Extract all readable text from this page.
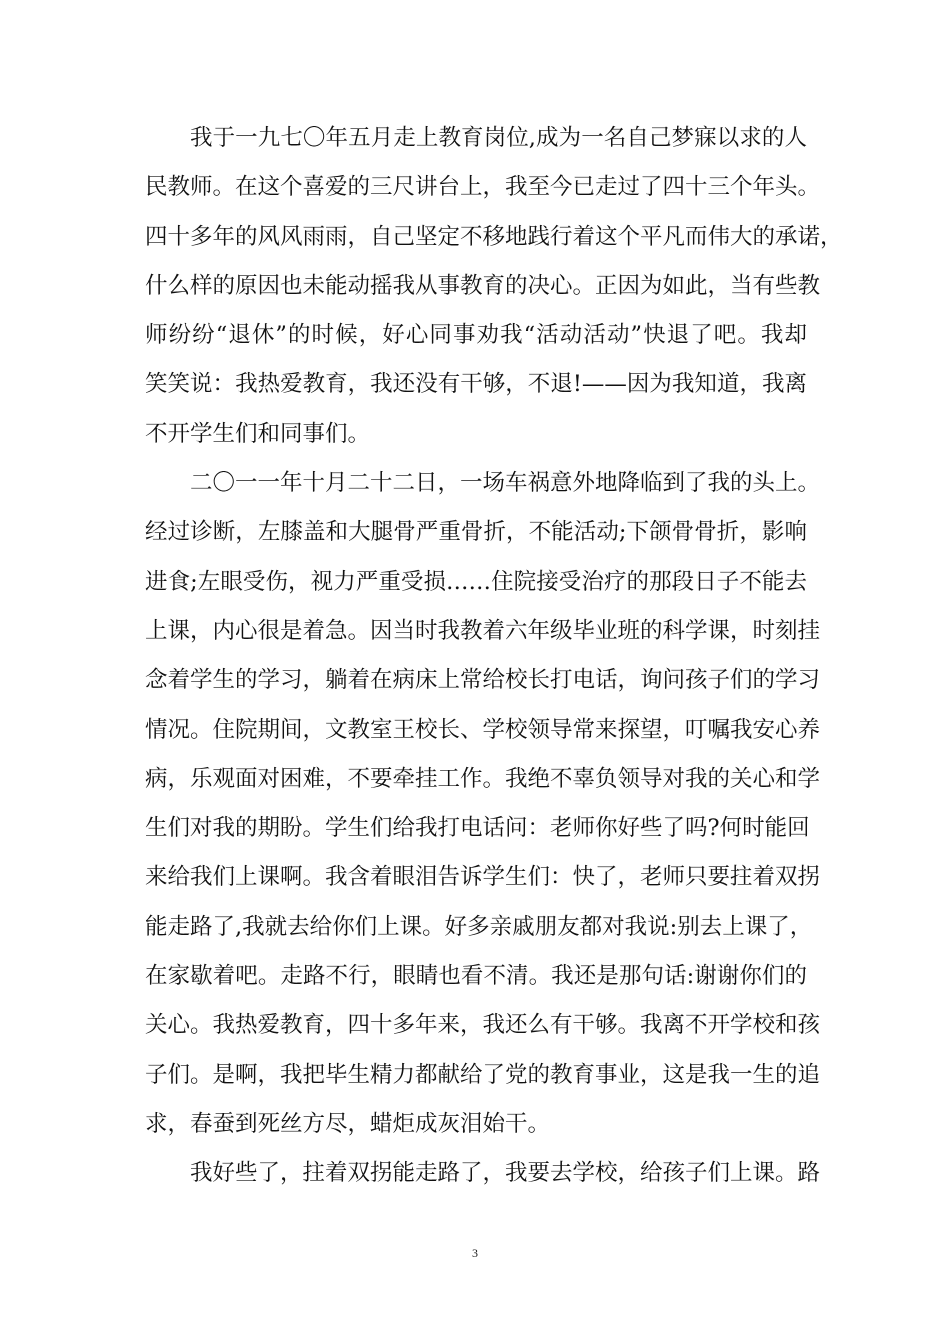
我于一九七〇年五月走上教育岗位,成为一名自己梦寐以求的人
民教师。在这个喜爱的三尺讲台上，我至今已走过了四十三个年头。
四十多年的风风雨雨，自己坚定不移地践行着这个平凡而伟大的承诺，
什么样的原因也未能动摇我从事教育的决心。正因为如此，当有些教
师纷纷“退休”的时候，好心同事劝我“活动活动”快退了吧。我却
笑笑说：我热爱教育，我还没有干够，不退!——因为我知道，我离
不开学生们和同事们。
二〇一一年十月二十二日，一场车祸意外地降临到了我的头上。
经过诊断，左膝盖和大腿骨严重骨折，不能活动;下颌骨骨折，影响
进食;左眼受伤，视力严重受损……住院接受治疗的那段日子不能去
上课，内心很是着急。因当时我教着六年级毕业班的科学课，时刻挂
念着学生的学习，躺着在病床上常给校长打电话，询问孩子们的学习
情况。住院期间，文教室王校长、学校领导常来探望，叮嘱我安心养
病，乐观面对困难，不要牵挂工作。我绝不辜负领导对我的关心和学
生们对我的期盼。学生们给我打电话问：老师你好些了吗?何时能回
来给我们上课啊。我含着眼泪告诉学生们：快了，老师只要拄着双拐
能走路了,我就去给你们上课。好多亲戚朋友都对我说:别去上课了，
在家歇着吧。走路不行，眼睛也看不清。我还是那句话:谢谢你们的
关心。我热爱教育，四十多年来，我还么有干够。我离不开学校和孩
子们。是啊，我把毕生精力都献给了党的教育事业，这是我一生的追
求，春蚕到死丝方尽，蜡炬成灰泪始干。
我好些了，拄着双拐能走路了，我要去学校，给孩子们上课。路
3
